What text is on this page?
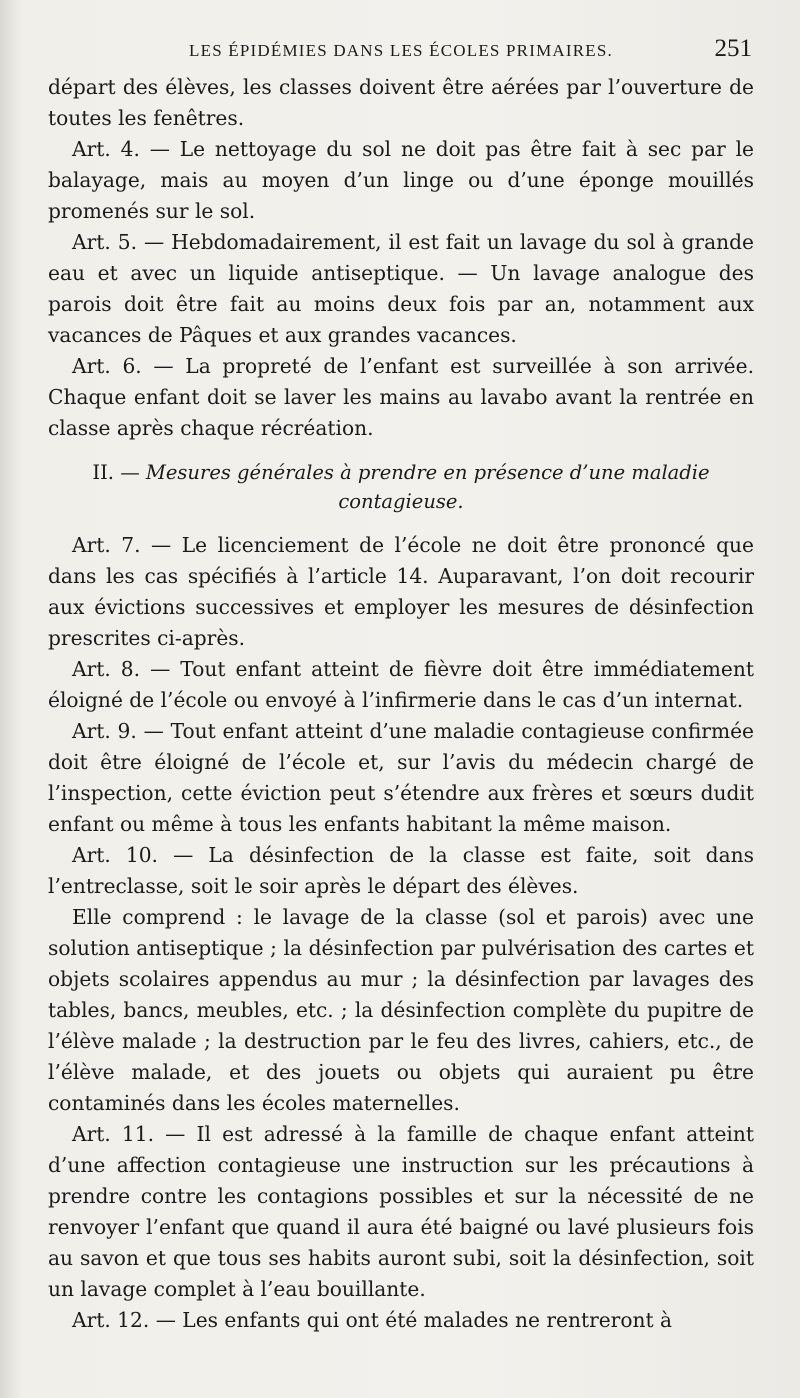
LES ÉPIDÉMIES DANS LES ÉCOLES PRIMAIRES.	251

départ des élèves, les classes doivent être aérées par l’ouverture de toutes les fenêtres.

Art. 4. — Le nettoyage du sol ne doit pas être fait à sec par le balayage, mais au moyen d’un linge ou d’une éponge mouillés promenés sur le sol.

Art. 5. — Hebdomadairement, il est fait un lavage du sol à grande eau et avec un liquide antiseptique. — Un lavage analogue des parois doit être fait au moins deux fois par an, notamment aux vacances de Pâques et aux grandes vacances.

Art. 6. — La propreté de l’enfant est surveillée à son arrivée. Chaque enfant doit se laver les mains au lavabo avant la rentrée en classe après chaque récréation.

II. — Mesures générales à prendre en présence d’une maladie
contagieuse.

Art. 7. — Le licenciement de l’école ne doit être prononcé que dans les cas spécifiés à l’article 14. Auparavant, l’on doit recourir aux évictions successives et employer les mesures de désinfection prescrites ci-après.

Art. 8. — Tout enfant atteint de fièvre doit être immédiatement éloigné de l’école ou envoyé à l’infirmerie dans le cas d’un internat.

Art. 9. — Tout enfant atteint d’une maladie contagieuse confirmée doit être éloigné de l’école et, sur l’avis du médecin chargé de l’inspection, cette éviction peut s’étendre aux frères et sœurs dudit enfant ou même à tous les enfants habitant la même maison.

Art. 10. — La désinfection de la classe est faite, soit dans l’entreclasse, soit le soir après le départ des élèves.

Elle comprend : le lavage de la classe (sol et parois) avec une solution antiseptique ; la désinfection par pulvérisation des cartes et objets scolaires appendus au mur ; la désinfection par lavages des tables, bancs, meubles, etc. ; la désinfection complète du pupitre de l’élève malade ; la destruction par le feu des livres, cahiers, etc., de l’élève malade, et des jouets ou objets qui auraient pu être contaminés dans les écoles maternelles.

Art. 11. — Il est adressé à la famille de chaque enfant atteint d’une affection contagieuse une instruction sur les précautions à prendre contre les contagions possibles et sur la nécessité de ne renvoyer l’enfant que quand il aura été baigné ou lavé plusieurs fois au savon et que tous ses habits auront subi, soit la désinfection, soit un lavage complet à l’eau bouillante.

Art. 12. — Les enfants qui ont été malades ne rentreront à
